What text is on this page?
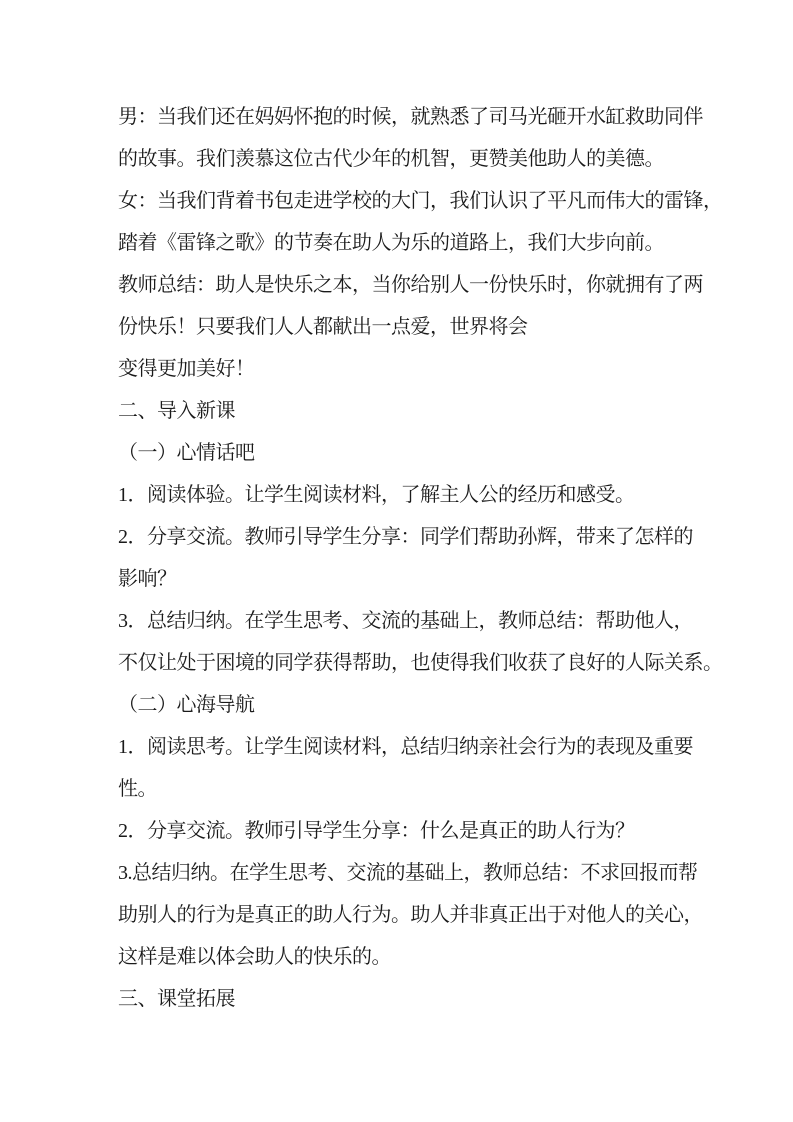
男：当我们还在妈妈怀抱的时候，就熟悉了司马光砸开水缸救助同伴
的故事。我们羡慕这位古代少年的机智，更赞美他助人的美德。
女：当我们背着书包走进学校的大门，我们认识了平凡而伟大的雷锋，
踏着《雷锋之歌》的节奏在助人为乐的道路上，我们大步向前。
教师总结：助人是快乐之本，当你给别人一份快乐时，你就拥有了两
份快乐！只要我们人人都献出一点爱，世界将会
变得更加美好！
二、导入新课
（一）心情话吧
1．阅读体验。让学生阅读材料，了解主人公的经历和感受。
2．分享交流。教师引导学生分享：同学们帮助孙辉，带来了怎样的
影响？
3．总结归纳。在学生思考、交流的基础上，教师总结：帮助他人，
不仅让处于困境的同学获得帮助，也使得我们收获了良好的人际关系。
（二）心海导航
1．阅读思考。让学生阅读材料，总结归纳亲社会行为的表现及重要
性。
2．分享交流。教师引导学生分享：什么是真正的助人行为？
3.总结归纳。在学生思考、交流的基础上，教师总结：不求回报而帮
助别人的行为是真正的助人行为。助人并非真正出于对他人的关心，
这样是难以体会助人的快乐的。
三、课堂拓展
